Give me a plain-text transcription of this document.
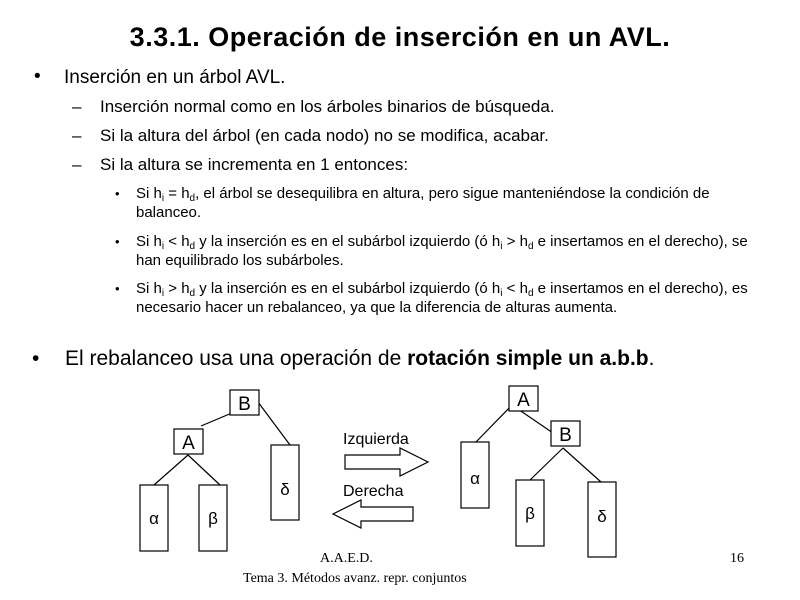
3.3.1. Operación de inserción en un AVL.
• Inserción en un árbol AVL.
– Inserción normal como en los árboles binarios de búsqueda.
– Si la altura del árbol (en cada nodo) no se modifica, acabar.
– Si la altura se incrementa en 1 entonces:
• Si $h_i = h_d$, el árbol se desequilibra en altura, pero sigue manteniéndose la condición de balanceo.
• Si $h_i < h_d$ y la inserción es en el subárbol izquierdo (ó $h_i > h_d$ e insertamos en el derecho), se han equilibrado los subárboles.
• Si $h_i > h_d$ y la inserción es en el subárbol izquierdo (ó $h_i < h_d$ e insertamos en el derecho), es necesario hacer un rebalanceo, ya que la diferencia de alturas aumenta.
• El rebalanceo usa una operación de rotación simple un a.b.b.
B
A
α	β
δ
Izquierda
Derecha
A
B
α
β	δ
A.A.E.D.
Tema 3. Métodos avanz. repr. conjuntos
16
